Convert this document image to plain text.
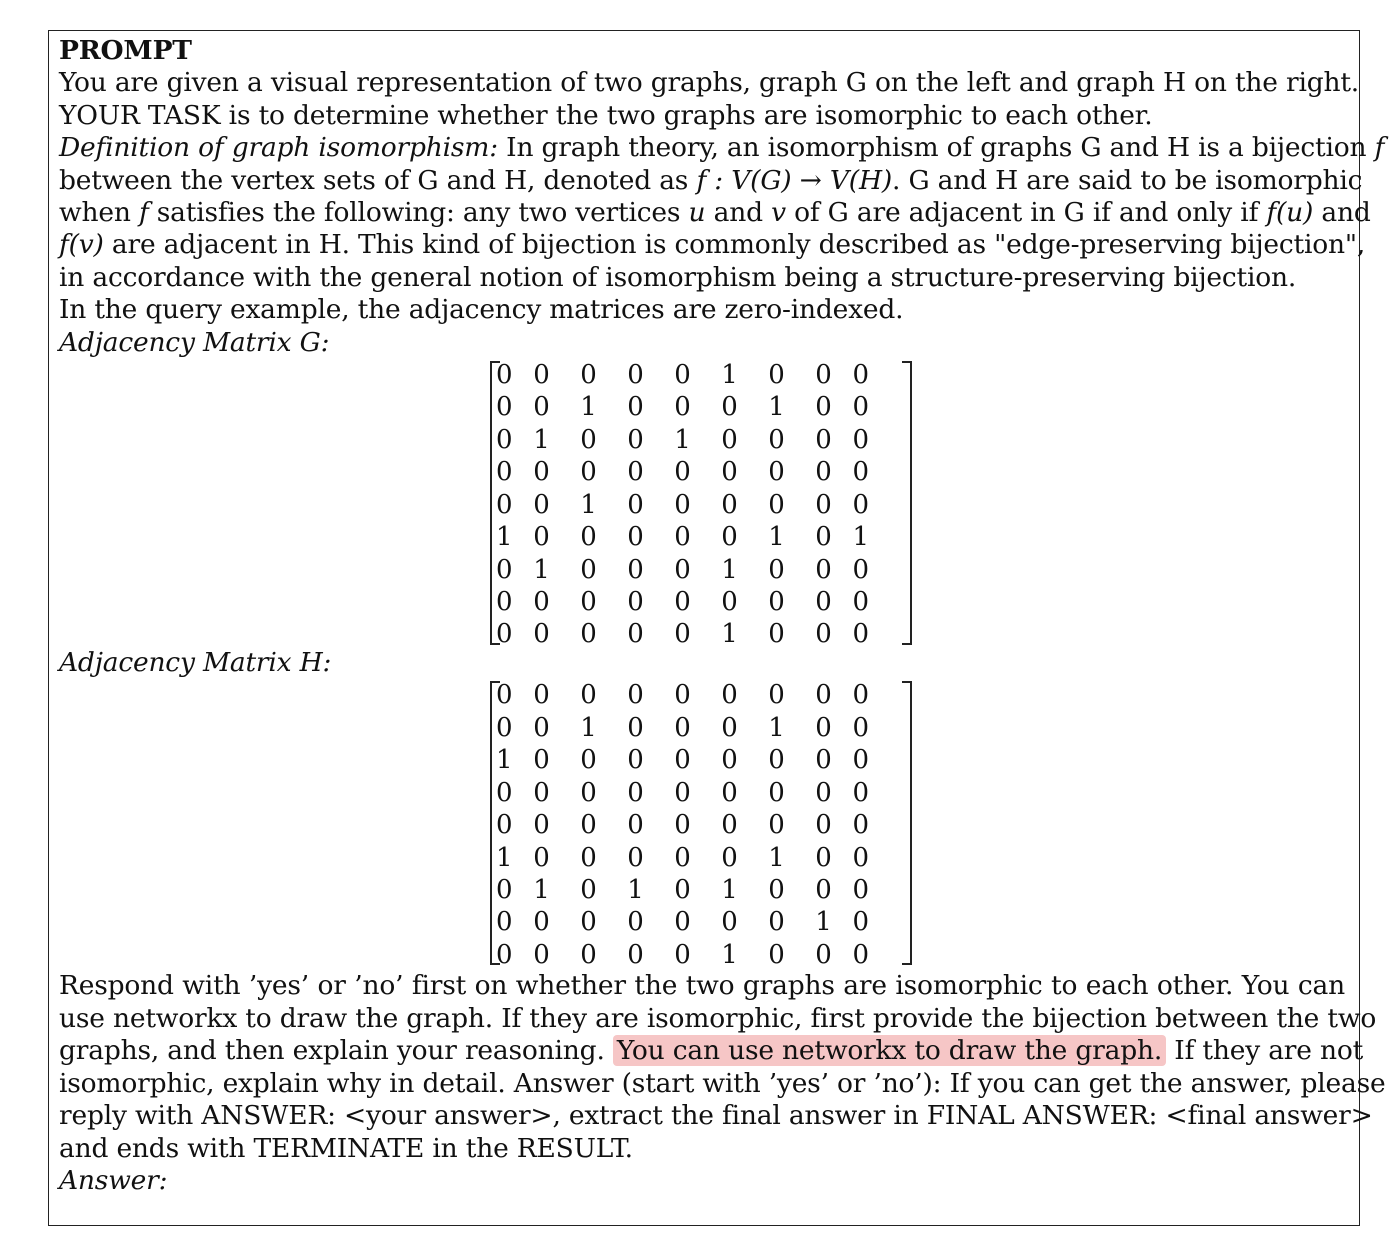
PROMPT
You are given a visual representation of two graphs, graph G on the left and graph H on the right.
YOUR TASK is to determine whether the two graphs are isomorphic to each other.
Definition of graph isomorphism: In graph theory, an isomorphism of graphs G and H is a bijection f
between the vertex sets of G and H, denoted as f : V(G) → V(H). G and H are said to be isomorphic
when f satisfies the following: any two vertices u and v of G are adjacent in G if and only if f(u) and
f(v) are adjacent in H. This kind of bijection is commonly described as "edge-preserving bijection",
in accordance with the general notion of isomorphism being a structure-preserving bijection.
In the query example, the adjacency matrices are zero-indexed.
Adjacency Matrix G:
0	0	0	0	0	1	0	0	0
0	0	1	0	0	0	1	0	0
0	1	0	0	1	0	0	0	0
0	0	0	0	0	0	0	0	0
0	0	1	0	0	0	0	0	0
1	0	0	0	0	0	1	0	1
0	1	0	0	0	1	0	0	0
0	0	0	0	0	0	0	0	0
0	0	0	0	0	1	0	0	0
Adjacency Matrix H:
0	0	0	0	0	0	0	0	0
0	0	1	0	0	0	1	0	0
1	0	0	0	0	0	0	0	0
0	0	0	0	0	0	0	0	0
0	0	0	0	0	0	0	0	0
1	0	0	0	0	0	1	0	0
0	1	0	1	0	1	0	0	0
0	0	0	0	0	0	0	1	0
0	0	0	0	0	1	0	0	0
Respond with ’yes’ or ’no’ first on whether the two graphs are isomorphic to each other. You can
use networkx to draw the graph. If they are isomorphic, first provide the bijection between the two
graphs, and then explain your reasoning. You can use networkx to draw the graph. If they are not
isomorphic, explain why in detail. Answer (start with ’yes’ or ’no’): If you can get the answer, please
reply with ANSWER: <your answer>, extract the final answer in FINAL ANSWER: <final answer>
and ends with TERMINATE in the RESULT.
Answer:
